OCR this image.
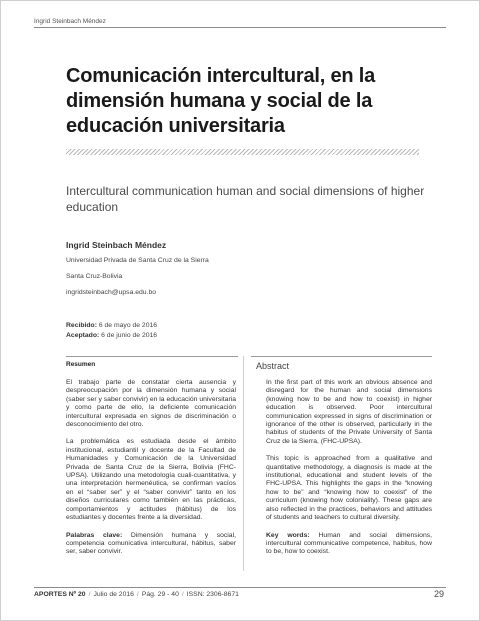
Ingrid Steinbach Méndez
Comunicación intercultural, en la dimensión humana y social de la educación universitaria
Intercultural communication human and social dimensions of higher education

Ingrid Steinbach Méndez

Universidad Privada de Santa Cruz de la Sierra

Santa Cruz-Bolivia

ingridsteinbach@upsa.edu.bo

Recibido: 6 de mayo de 2016
Aceptado: 6 de junio de 2016
Resumen	Abstract

El trabajo parte de constatar cierta ausencia y despreocupación por la dimensión humana y social (saber ser y saber convivir) en la educación universitaria y como parte de ello, la deficiente comunicación intercultural expresada en signos de discriminación o desconocimiento del otro.

La problemática es estudiada desde el ámbito institucional, estudiantil y docente de la Facultad de Humanidades y Comunicación de la Universidad Privada de Santa Cruz de la Sierra, Bolivia (FHC-UPSA). Utilizando una metodología cuali-cuantitativa, y una interpretación hermenéutica, se confirman vacíos en el “saber ser” y el “saber convivir” tanto en los diseños curriculares como también en las prácticas, comportamientos y actitudes (hábitus) de los estudiantes y docentes frente a la diversidad.

Palabras clave: Dimensión humana y social, competencia comunicativa intercultural, hábitus, saber ser, saber convivir.

In the first part of this work an obvious absence and disregard for the human and social dimensions (knowing how to be and how to coexist) in higher education is observed. Poor intercultural communication expressed in signs of discrimination or ignorance of the other is observed, particularly in the habitus of students of the Private University of Santa Cruz de la Sierra, (FHC-UPSA).

This topic is approached from a qualitative and quantitative methodology, a diagnosis is made at the institutional, educational and student levels of the FHC-UPSA. This highlights the gaps in the “knowing how to be” and “knowing how to coexist” of the curriculum (knowing how coloniality). These gaps are also reflected in the practices, behaviors and attitudes of students and teachers to cultural diversity.

Key words: Human and social dimensions, intercultural communicative competence, habitus, how to be, how to coexist.

APORTES Nº 20 / Julio de 2016 / Pág. 29 - 40 / ISSN: 2306-8671	29
